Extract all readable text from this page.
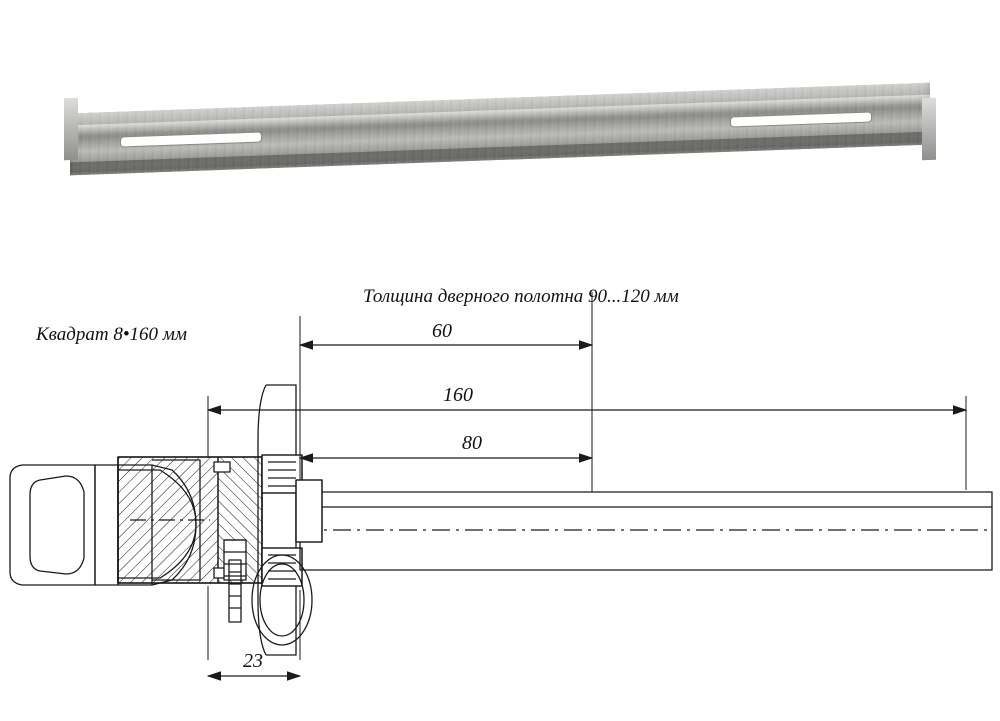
Толщина дверного полотна 90...120 мм
Квадрат 8•160 мм	60
160
80
23
